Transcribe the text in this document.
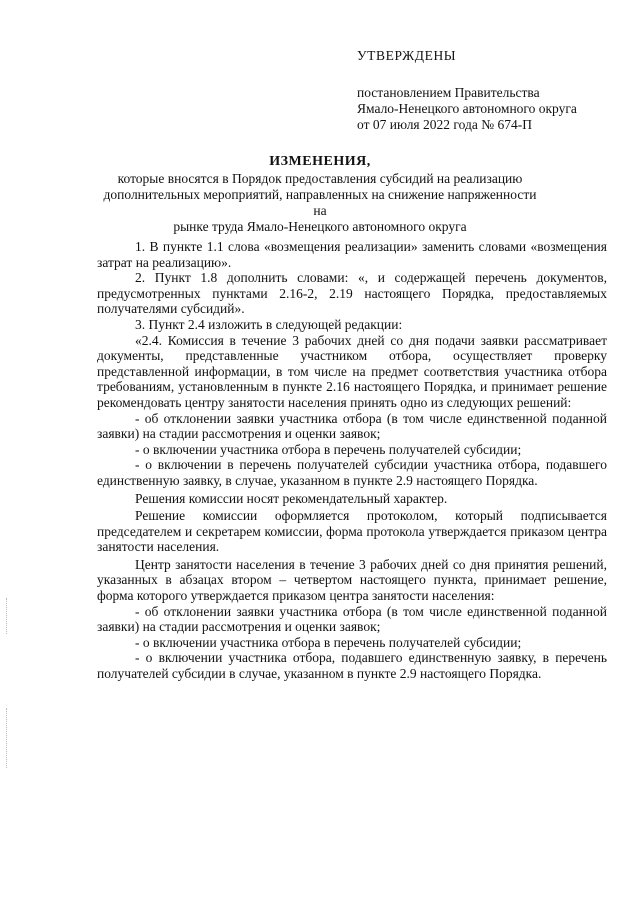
УТВЕРЖДЕНЫ
постановлением Правительства
Ямало-Ненецкого автономного округа
от 07 июля 2022 года № 674-П
ИЗМЕНЕНИЯ,
которые вносятся в Порядок предоставления субсидий на реализацию
дополнительных мероприятий, направленных на снижение напряженности на
рынке труда Ямало-Ненецкого автономного округа

1. В пункте 1.1 слова «возмещения реализации» заменить словами «возмещения затрат на реализацию».

2. Пункт 1.8 дополнить словами: «, и содержащей перечень документов, предусмотренных пунктами 2.16-2, 2.19 настоящего Порядка, предоставляемых получателями субсидий».

3. Пункт 2.4 изложить в следующей редакции:

«2.4. Комиссия в течение 3 рабочих дней со дня подачи заявки рассматривает документы, представленные участником отбора, осуществляет проверку представленной информации, в том числе на предмет соответствия участника отбора требованиям, установленным в пункте 2.16 настоящего Порядка, и принимает решение рекомендовать центру занятости населения принять одно из следующих решений:

- об отклонении заявки участника отбора (в том числе единственной поданной заявки) на стадии рассмотрения и оценки заявок;

- о включении участника отбора в перечень получателей субсидии;

- о включении в перечень получателей субсидии участника отбора, подавшего единственную заявку, в случае, указанном в пункте 2.9 настоящего Порядка.

Решения комиссии носят рекомендательный характер.

Решение комиссии оформляется протоколом, который подписывается председателем и секретарем комиссии, форма протокола утверждается приказом центра занятости населения.

Центр занятости населения в течение 3 рабочих дней со дня принятия решений, указанных в абзацах втором – четвертом настоящего пункта, принимает решение, форма которого утверждается приказом центра занятости населения:

- об отклонении заявки участника отбора (в том числе единственной поданной заявки) на стадии рассмотрения и оценки заявок;

- о включении участника отбора в перечень получателей субсидии;

- о включении участника отбора, подавшего единственную заявку, в перечень получателей субсидии в случае, указанном в пункте 2.9 настоящего Порядка.
